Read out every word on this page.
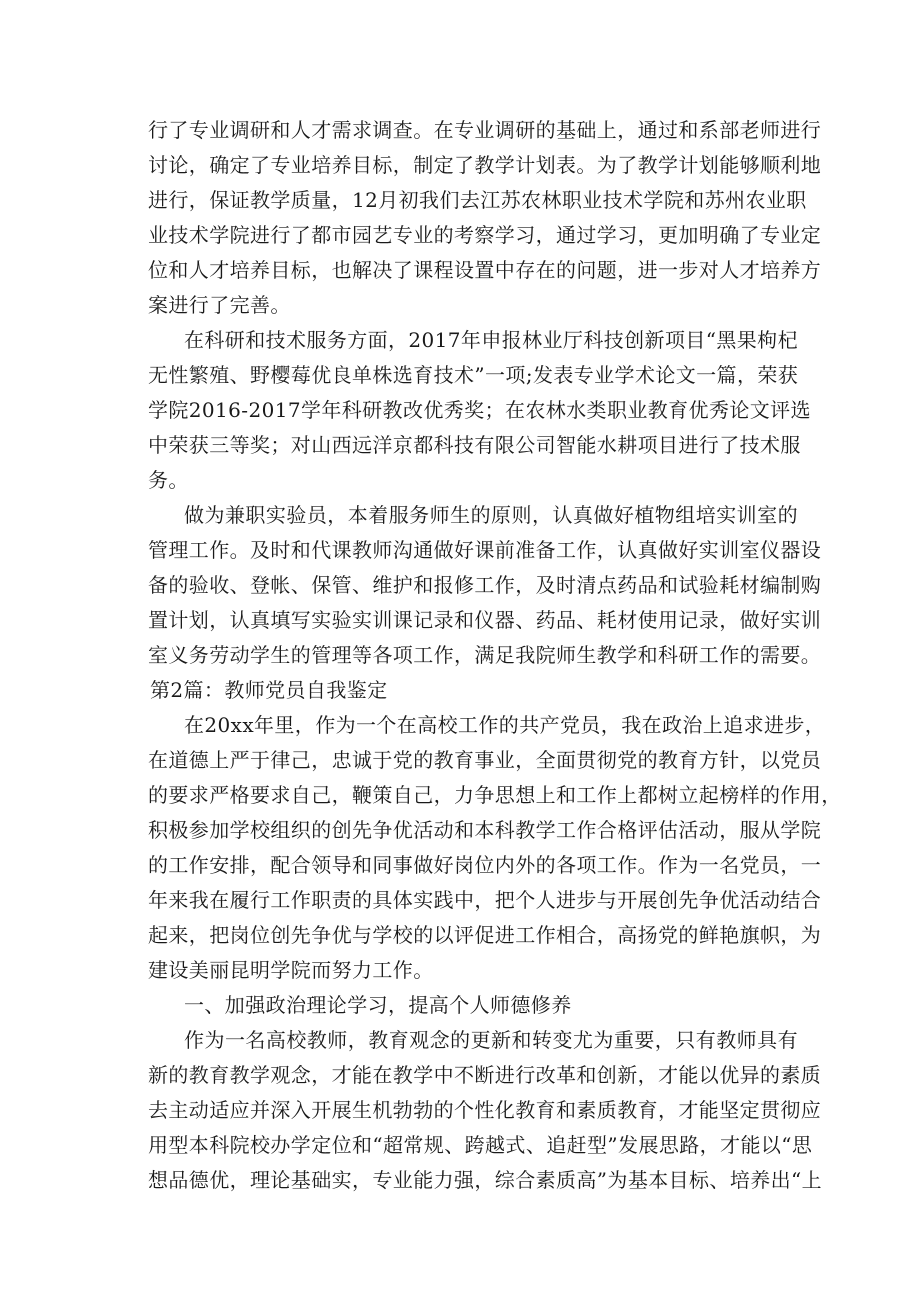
行了专业调研和人才需求调查。在专业调研的基础上，通过和系部老师进行
讨论，确定了专业培养目标，制定了教学计划表。为了教学计划能够顺利地
进行，保证教学质量，12月初我们去江苏农林职业技术学院和苏州农业职
业技术学院进行了都市园艺专业的考察学习，通过学习，更加明确了专业定
位和人才培养目标，也解决了课程设置中存在的问题，进一步对人才培养方
案进行了完善。
在科研和技术服务方面，2017年申报林业厅科技创新项目“黑果枸杞
无性繁殖、野樱莓优良单株选育技术”一项;发表专业学术论文一篇，荣获
学院2016-2017学年科研教改优秀奖；在农林水类职业教育优秀论文评选
中荣获三等奖；对山西远洋京都科技有限公司智能水耕项目进行了技术服
务。
做为兼职实验员，本着服务师生的原则，认真做好植物组培实训室的
管理工作。及时和代课教师沟通做好课前准备工作，认真做好实训室仪器设
备的验收、登帐、保管、维护和报修工作，及时清点药品和试验耗材编制购
置计划，认真填写实验实训课记录和仪器、药品、耗材使用记录，做好实训
室义务劳动学生的管理等各项工作，满足我院师生教学和科研工作的需要。
第2篇：教师党员自我鉴定
在20xx年里，作为一个在高校工作的共产党员，我在政治上追求进步，
在道德上严于律己，忠诚于党的教育事业，全面贯彻党的教育方针，以党员
的要求严格要求自己，鞭策自己，力争思想上和工作上都树立起榜样的作用，
积极参加学校组织的创先争优活动和本科教学工作合格评估活动，服从学院
的工作安排，配合领导和同事做好岗位内外的各项工作。作为一名党员，一
年来我在履行工作职责的具体实践中，把个人进步与开展创先争优活动结合
起来，把岗位创先争优与学校的以评促进工作相合，高扬党的鲜艳旗帜，为
建设美丽昆明学院而努力工作。
一、加强政治理论学习，提高个人师德修养
作为一名高校教师，教育观念的更新和转变尤为重要，只有教师具有
新的教育教学观念，才能在教学中不断进行改革和创新，才能以优异的素质
去主动适应并深入开展生机勃勃的个性化教育和素质教育，才能坚定贯彻应
用型本科院校办学定位和“超常规、跨越式、追赶型”发展思路，才能以“思
想品德优，理论基础实，专业能力强，综合素质高”为基本目标、培养出“上
